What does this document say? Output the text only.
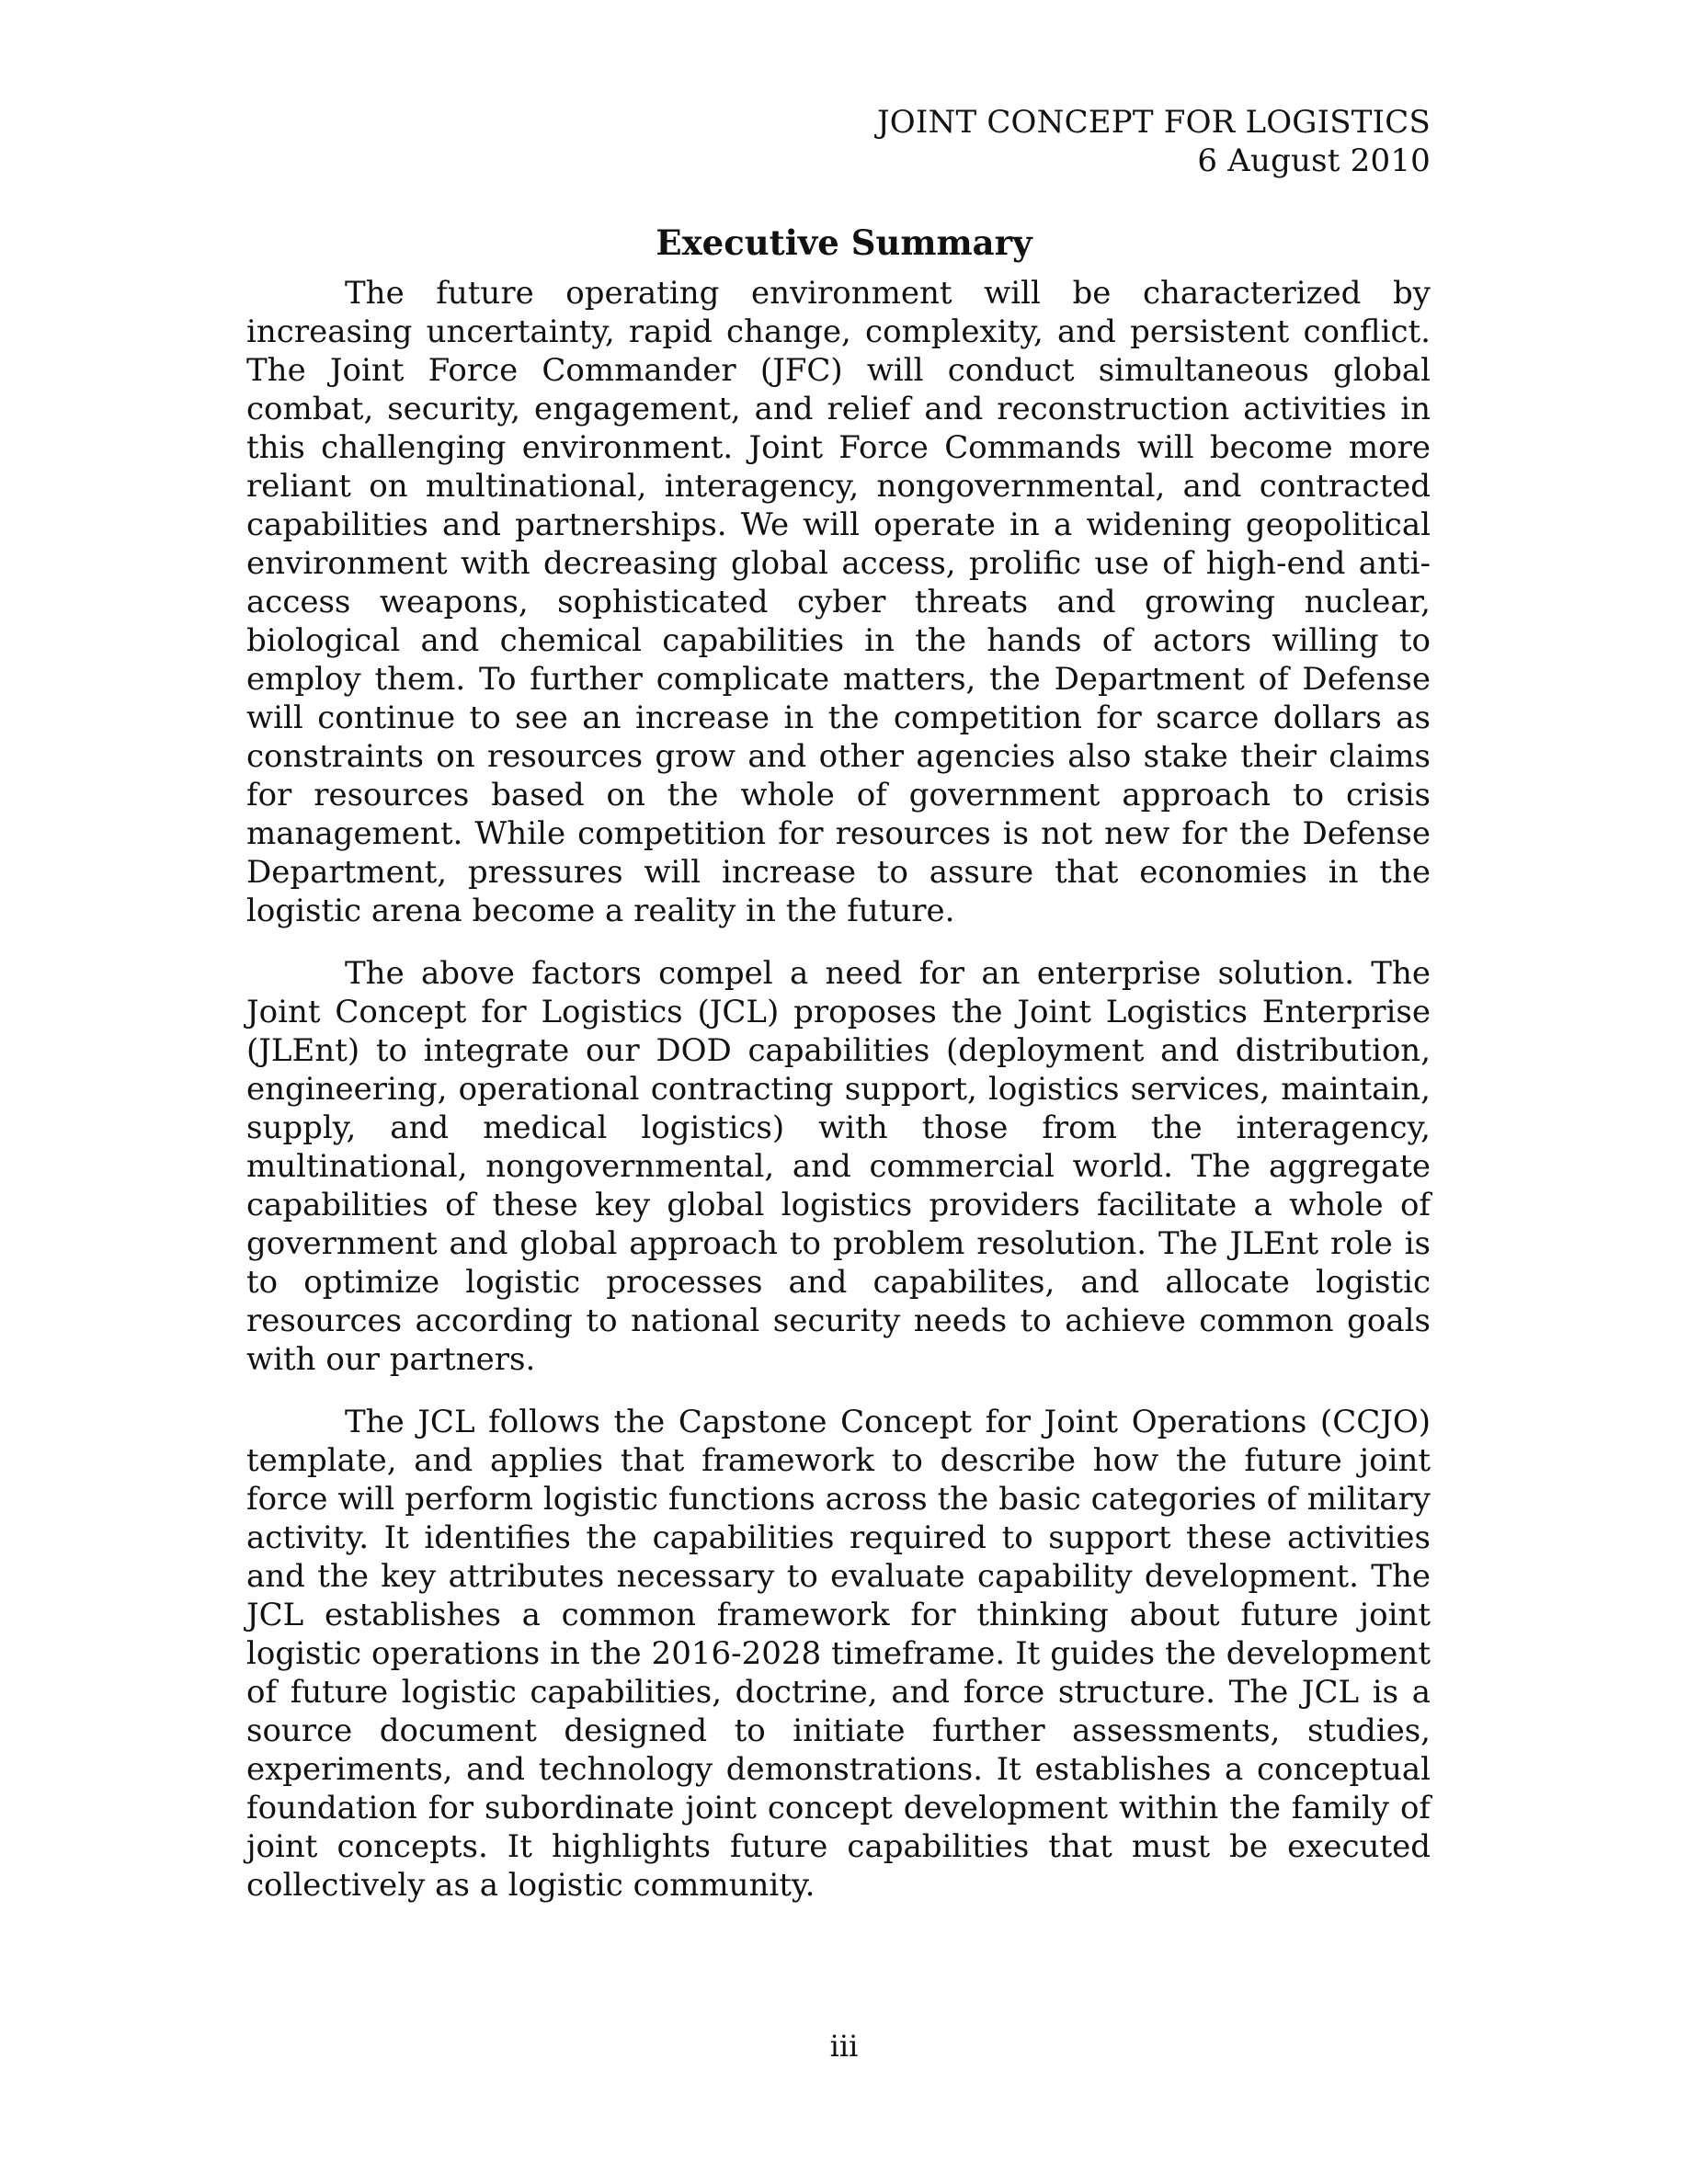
JOINT CONCEPT FOR LOGISTICS
6 August 2010
Executive Summary

The future operating environment will be characterized by increasing uncertainty, rapid change, complexity, and persistent conflict. The Joint Force Commander (JFC) will conduct simultaneous global combat, security, engagement, and relief and reconstruction activities in this challenging environment. Joint Force Commands will become more reliant on multinational, interagency, nongovernmental, and contracted capabilities and partnerships. We will operate in a widening geopolitical environment with decreasing global access, prolific use of high-end anti-access weapons, sophisticated cyber threats and growing nuclear, biological and chemical capabilities in the hands of actors willing to employ them. To further complicate matters, the Department of Defense will continue to see an increase in the competition for scarce dollars as constraints on resources grow and other agencies also stake their claims for resources based on the whole of government approach to crisis management. While competition for resources is not new for the Defense Department, pressures will increase to assure that economies in the logistic arena become a reality in the future.

The above factors compel a need for an enterprise solution. The Joint Concept for Logistics (JCL) proposes the Joint Logistics Enterprise (JLEnt) to integrate our DOD capabilities (deployment and distribution, engineering, operational contracting support, logistics services, maintain, supply, and medical logistics) with those from the interagency, multinational, nongovernmental, and commercial world. The aggregate capabilities of these key global logistics providers facilitate a whole of government and global approach to problem resolution. The JLEnt role is to optimize logistic processes and capabilites, and allocate logistic resources according to national security needs to achieve common goals with our partners.

The JCL follows the Capstone Concept for Joint Operations (CCJO) template, and applies that framework to describe how the future joint force will perform logistic functions across the basic categories of military activity. It identifies the capabilities required to support these activities and the key attributes necessary to evaluate capability development. The JCL establishes a common framework for thinking about future joint logistic operations in the 2016-2028 timeframe. It guides the development of future logistic capabilities, doctrine, and force structure. The JCL is a source document designed to initiate further assessments, studies, experiments, and technology demonstrations. It establishes a conceptual foundation for subordinate joint concept development within the family of joint concepts. It highlights future capabilities that must be executed collectively as a logistic community.

iii
